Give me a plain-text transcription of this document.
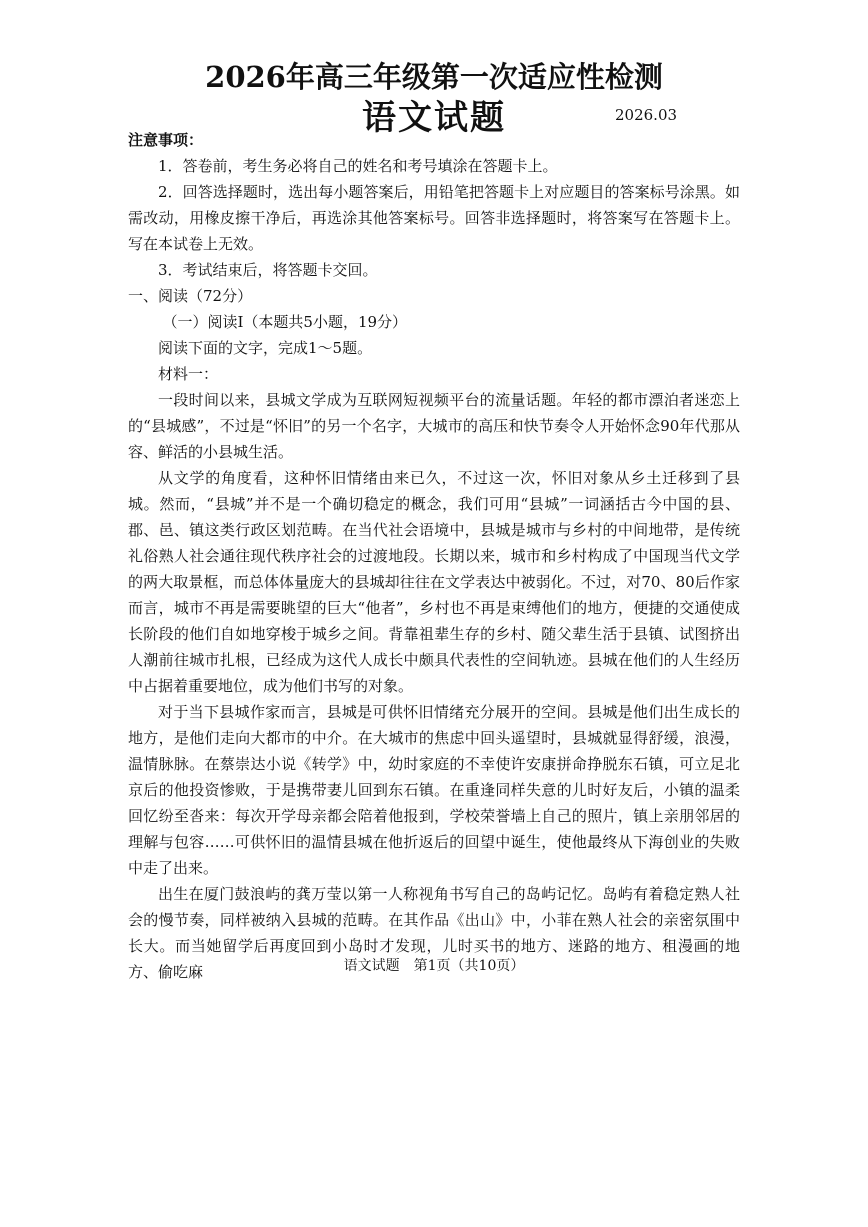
2026年高三年级第一次适应性检测
语文试题	2026.03

注意事项：

1．答卷前，考生务必将自己的姓名和考号填涂在答题卡上。

2．回答选择题时，选出每小题答案后，用铅笔把答题卡上对应题目的答案标号涂黑。如需改动，用橡皮擦干净后，再选涂其他答案标号。回答非选择题时，将答案写在答题卡上。写在本试卷上无效。

3．考试结束后，将答题卡交回。

一、阅读（72分）

（一）阅读Ⅰ（本题共5小题，19分）

阅读下面的文字，完成1～5题。

材料一：

一段时间以来，县城文学成为互联网短视频平台的流量话题。年轻的都市漂泊者迷恋上的“县城感”，不过是“怀旧”的另一个名字，大城市的高压和快节奏令人开始怀念90年代那从容、鲜活的小县城生活。

从文学的角度看，这种怀旧情绪由来已久，不过这一次，怀旧对象从乡土迁移到了县城。然而，“县城”并不是一个确切稳定的概念，我们可用“县城”一词涵括古今中国的县、郡、邑、镇这类行政区划范畴。在当代社会语境中，县城是城市与乡村的中间地带，是传统礼俗熟人社会通往现代秩序社会的过渡地段。长期以来，城市和乡村构成了中国现当代文学的两大取景框，而总体体量庞大的县城却往往在文学表达中被弱化。不过，对70、80后作家而言，城市不再是需要眺望的巨大“他者”，乡村也不再是束缚他们的地方，便捷的交通使成长阶段的他们自如地穿梭于城乡之间。背靠祖辈生存的乡村、随父辈生活于县镇、试图挤出人潮前往城市扎根，已经成为这代人成长中颇具代表性的空间轨迹。县城在他们的人生经历中占据着重要地位，成为他们书写的对象。

对于当下县城作家而言，县城是可供怀旧情绪充分展开的空间。县城是他们出生成长的地方，是他们走向大都市的中介。在大城市的焦虑中回头遥望时，县城就显得舒缓，浪漫，温情脉脉。在蔡崇达小说《转学》中，幼时家庭的不幸使许安康拼命挣脱东石镇，可立足北京后的他投资惨败，于是携带妻儿回到东石镇。在重逢同样失意的儿时好友后，小镇的温柔回忆纷至沓来：每次开学母亲都会陪着他报到，学校荣誉墙上自己的照片，镇上亲朋邻居的理解与包容……可供怀旧的温情县城在他折返后的回望中诞生，使他最终从下海创业的失败中走了出来。

出生在厦门鼓浪屿的龚万莹以第一人称视角书写自己的岛屿记忆。岛屿有着稳定熟人社会的慢节奏，同样被纳入县城的范畴。在其作品《出山》中，小菲在熟人社会的亲密氛围中长大。而当她留学后再度回到小岛时才发现，儿时买书的地方、迷路的地方、租漫画的地方、偷吃麻	语文试题　第1页（共10页）
